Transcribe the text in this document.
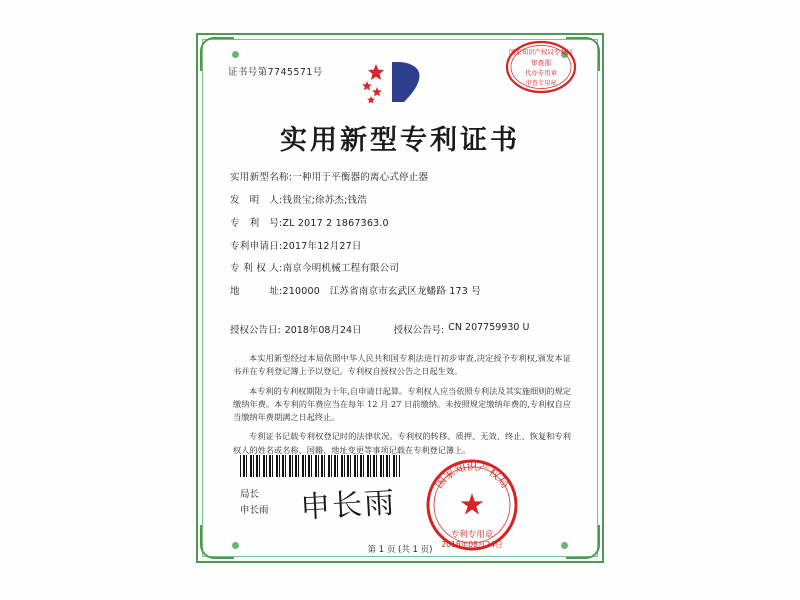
证书号第7745571号
国家知识产权局专利局
审查部
代办专用章
审查专用章
实用新型专利证书
实用新型名称: 一种用于平衡器的离心式停止器
发　明　人: 钱贵宝;徐苏杰;钱浩
专　利　号: ZL 2017 2 1867363.0
专利申请日: 2017年12月27日
专 利 权 人: 南京今明机械工程有限公司
地　　　址: 210000　江苏省南京市玄武区龙蟠路 173 号
授权公告日: 2018年08月24日	授权公告号: CN 207759930 U

本实用新型经过本局依照中华人民共和国专利法进行初步审查,决定授予专利权,颁发本证书并在专利登记簿上予以登记。专利权自授权公告之日起生效。

本专利的专利权期限为十年,自申请日起算。专利权人应当依照专利法及其实施细则的规定缴纳年费。本专利的年费应当在每年 12 月 27 日前缴纳。未按照规定缴纳年费的,专利权自应当缴纳年费期满之日起终止。

专利证书记载专利权登记时的法律状况。专利权的转移、质押、无效、终止、恢复和专利权人的姓名或名称、国籍、地址变更等事项记载在专利登记簿上。

局长
申长雨 申长雨
国家知识产权局
专利专用章
2018年08月24日
第 1 页 (共 1 页)
